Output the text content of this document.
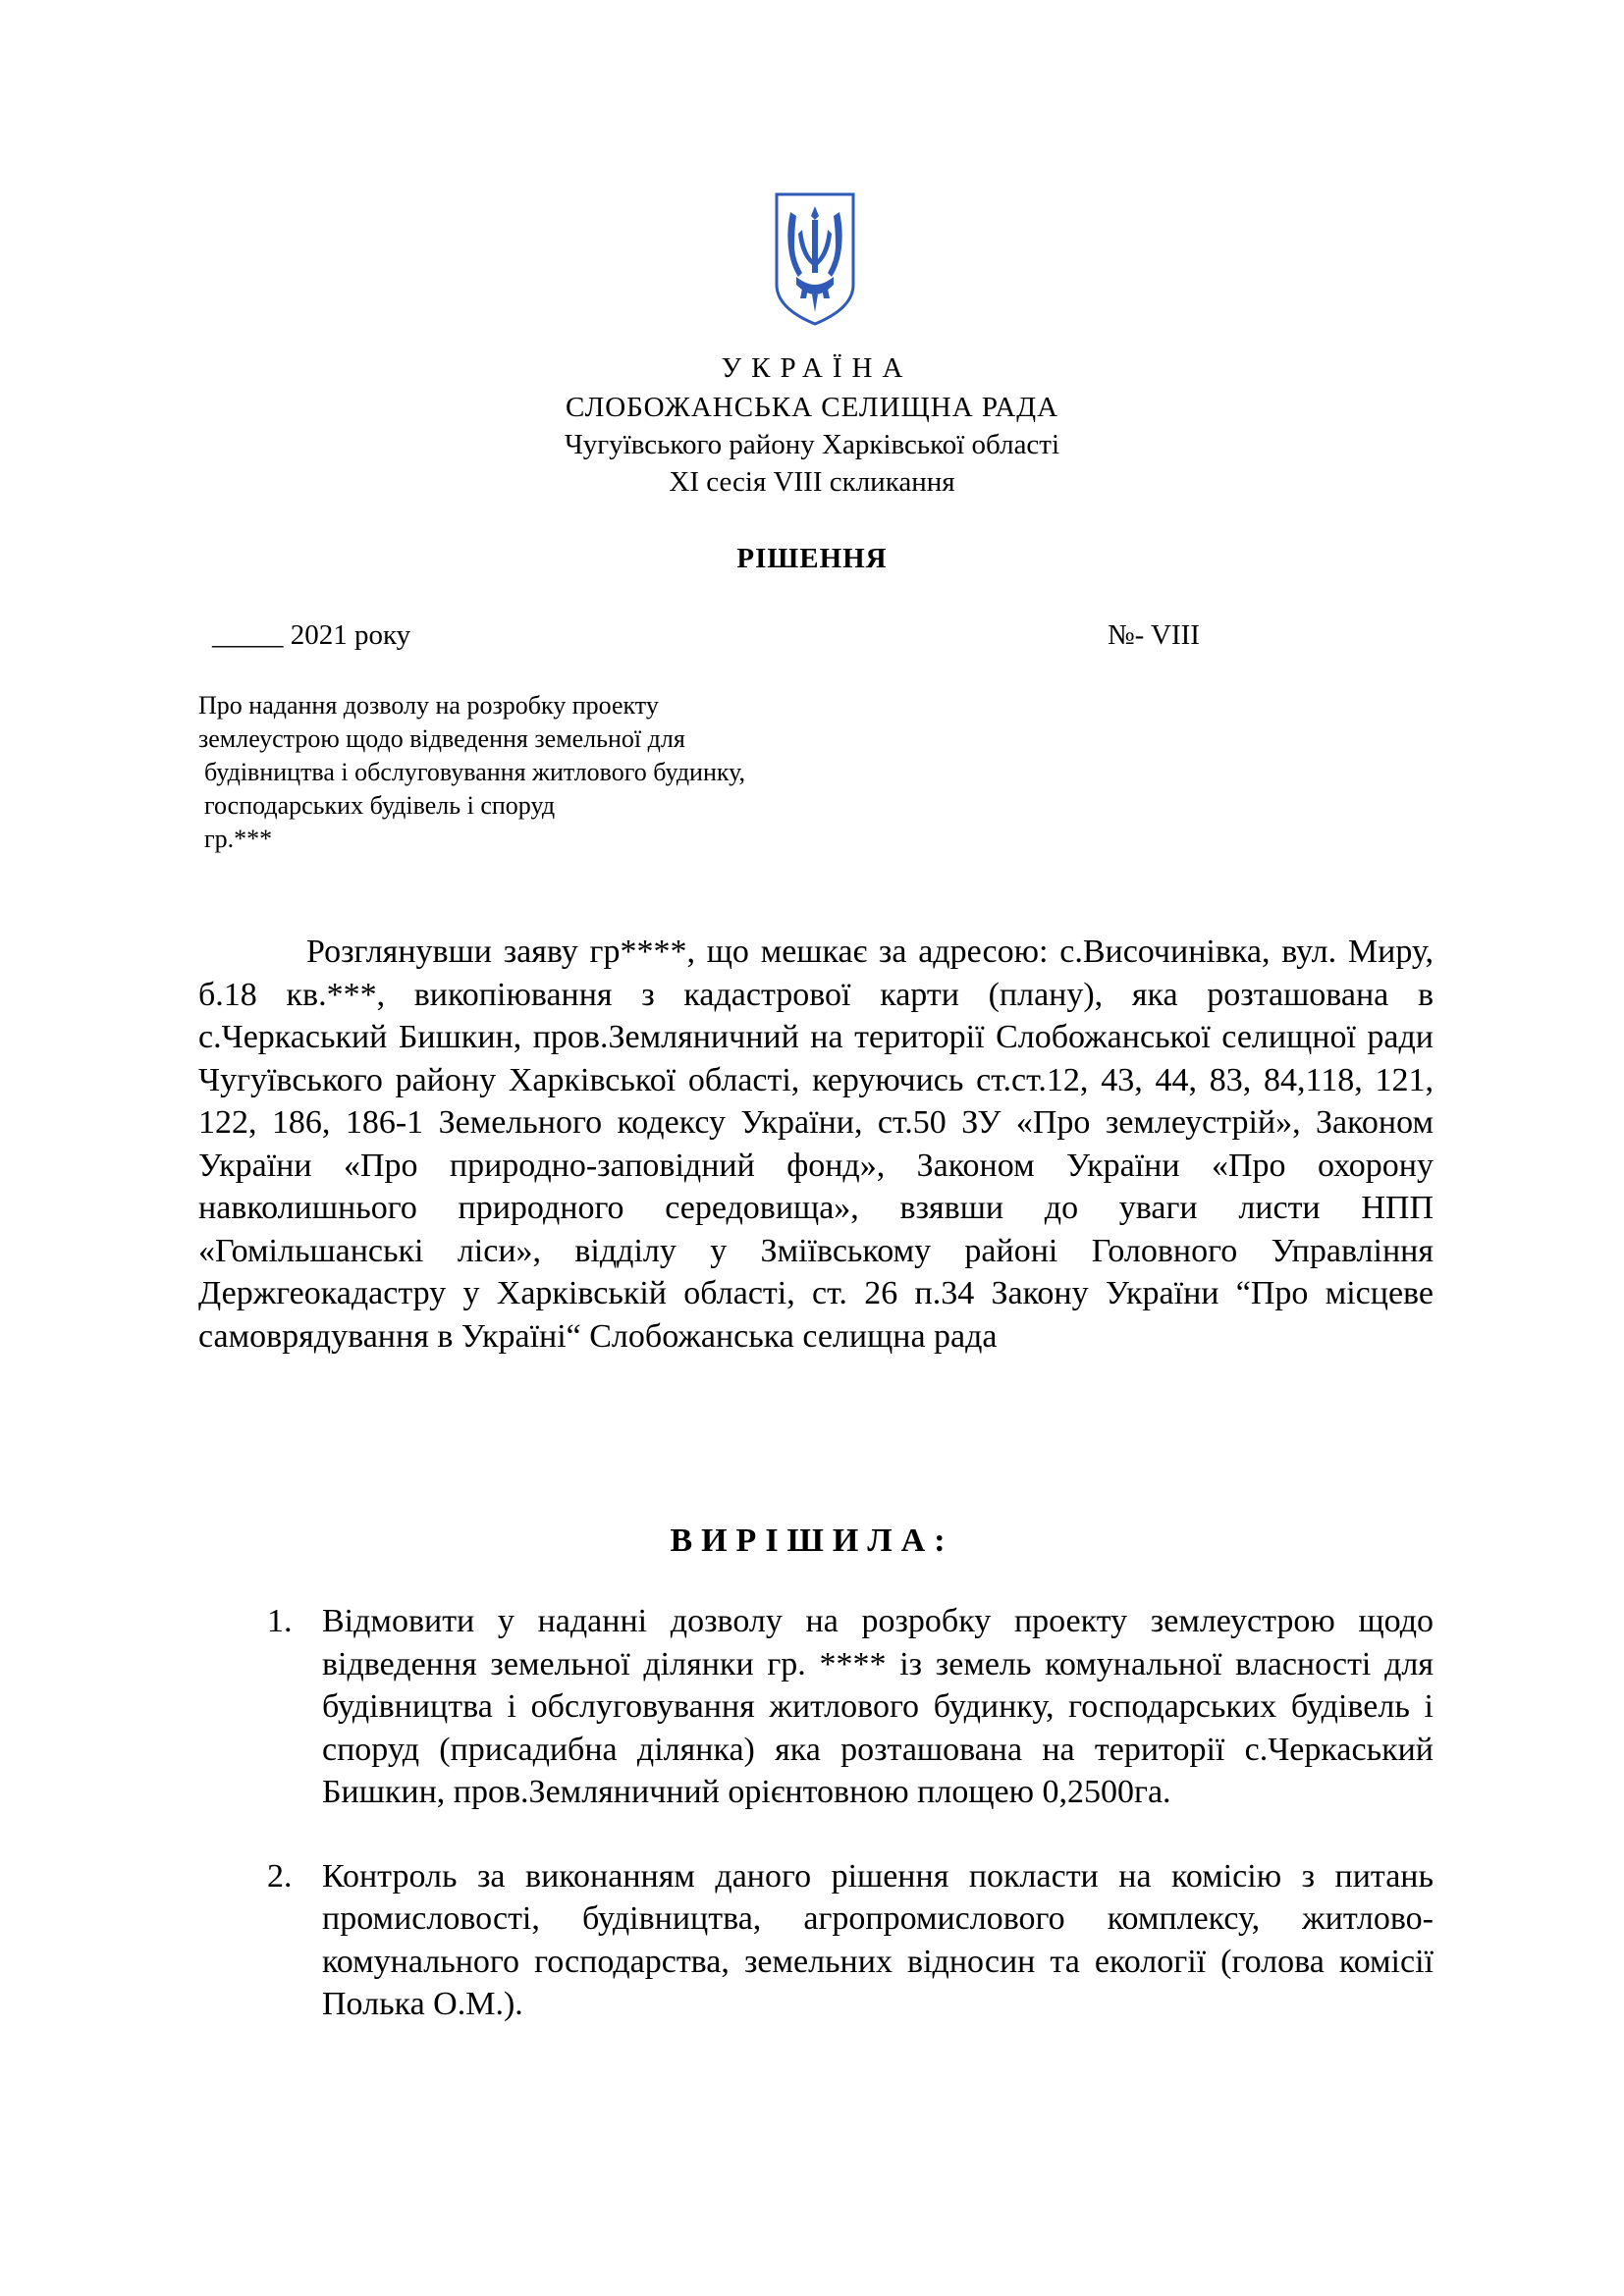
УКРАЇНА
СЛОБОЖАНСЬКА СЕЛИЩНА РАДА
Чугуївського району Харківської області
XI сесія VIII скликання
РІШЕННЯ
_____ 2021 року	№- VIII
Про надання дозволу на розробку проекту
землеустрою щодо відведення земельної для
будівництва і обслуговування житлового будинку,
господарських будівель і споруд
гр.***

Розглянувши заяву гр****, що мешкає за адресою: с.Височинівка, вул. Миру, б.18 кв.***, викопіювання з кадастрової карти (плану), яка розташована в с.Черкаський Бишкин, пров.Земляничний на території Слобожанської селищної ради Чугуївського району Харківської області, керуючись ст.ст.12, 43, 44, 83, 84,118, 121, 122, 186, 186-1 Земельного кодексу України, ст.50 ЗУ «Про землеустрій», Законом України «Про природно-заповідний фонд», Законом України «Про охорону навколишнього природного середовища», взявши до уваги листи НПП «Гомільшанські ліси», відділу у Зміївському районі Головного Управління Держгеокадастру у Харківській області, ст. 26 п.34 Закону України “Про місцеве самоврядування в Україні“ Слобожанська селищна рада

ВИРІШИЛА:
1. Відмовити у наданні дозволу на розробку проекту землеустрою щодо відведення земельної ділянки гр. **** із земель комунальної власності для будівництва і обслуговування житлового будинку, господарських будівель і споруд (присадибна ділянка) яка розташована на території с.Черкаський Бишкин, пров.Земляничний орієнтовною площею 0,2500га.
2. Контроль за виконанням даного рішення покласти на комісію з питань промисловості, будівництва, агропромислового комплексу, житлово-комунального господарства, земельних відносин та екології (голова комісії Полька О.М.).
